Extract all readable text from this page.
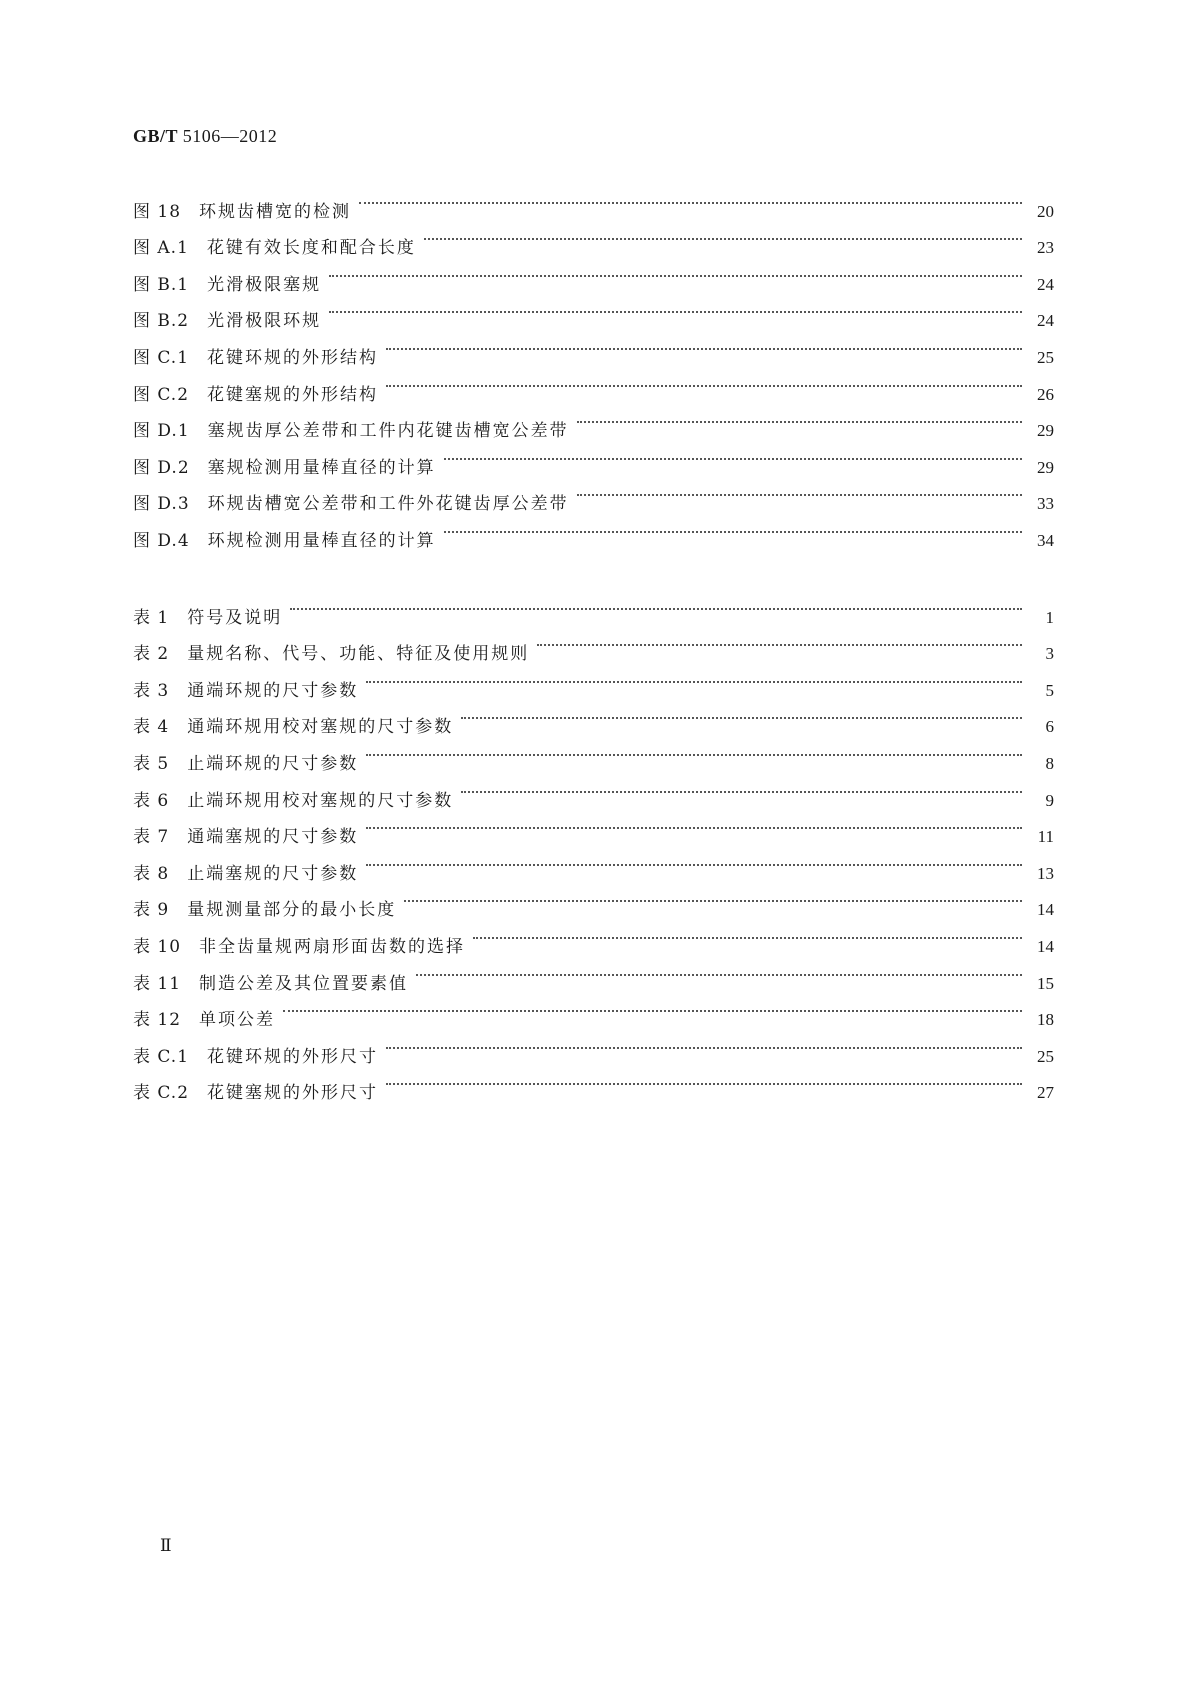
GB/T 5106—2012
图 18 环规齿槽宽的检测	20
图 A.1 花键有效长度和配合长度	23
图 B.1 光滑极限塞规	24
图 B.2 光滑极限环规	24
图 C.1 花键环规的外形结构	25
图 C.2 花键塞规的外形结构	26
图 D.1 塞规齿厚公差带和工件内花键齿槽宽公差带	29
图 D.2 塞规检测用量棒直径的计算	29
图 D.3 环规齿槽宽公差带和工件外花键齿厚公差带	33
图 D.4 环规检测用量棒直径的计算	34
表 1 符号及说明	1
表 2 量规名称、代号、功能、特征及使用规则	3
表 3 通端环规的尺寸参数	5
表 4 通端环规用校对塞规的尺寸参数	6
表 5 止端环规的尺寸参数	8
表 6 止端环规用校对塞规的尺寸参数	9
表 7 通端塞规的尺寸参数	11
表 8 止端塞规的尺寸参数	13
表 9 量规测量部分的最小长度	14
表 10 非全齿量规两扇形面齿数的选择	14
表 11 制造公差及其位置要素值	15
表 12 单项公差	18
表 C.1 花键环规的外形尺寸	25
表 C.2 花键塞规的外形尺寸	27
Ⅱ
